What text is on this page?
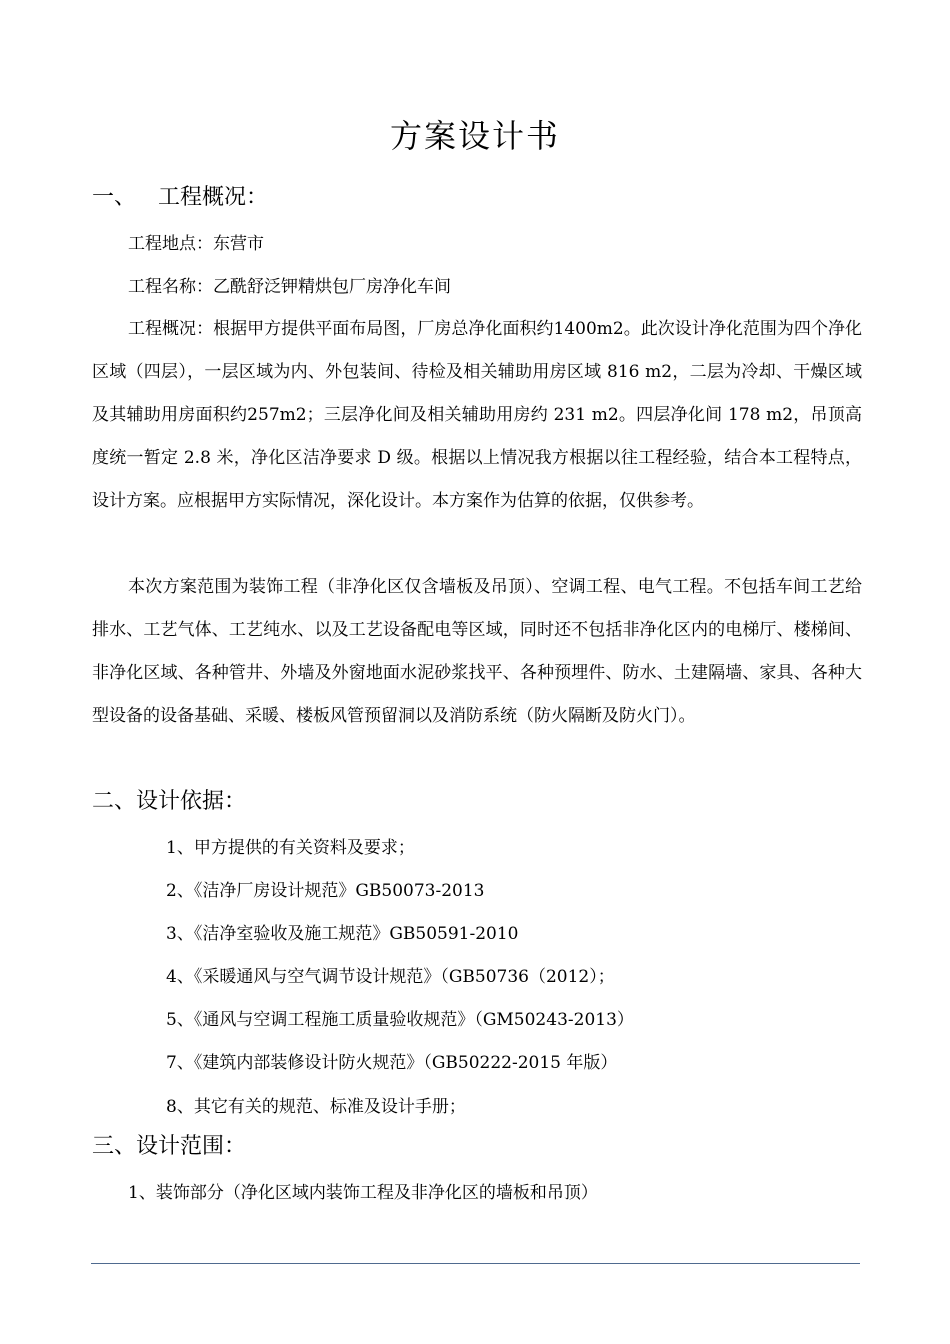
方案设计书
一、 工程概况：
工程地点：东营市
工程名称：乙酰舒泛钾精烘包厂房净化车间
工程概况：根据甲方提供平面布局图，厂房总净化面积约1400m2。此次设计净化范围为四个净化区域（四层），一层区域为内、外包装间、待检及相关辅助用房区域 816 m2，二层为冷却、干燥区域及其辅助用房面积约257m2；三层净化间及相关辅助用房约 231 m2。四层净化间 178 m2，吊顶高度统一暂定 2.8 米，净化区洁净要求 D 级。根据以上情况我方根据以往工程经验，结合本工程特点，设计方案。应根据甲方实际情况，深化设计。本方案作为估算的依据，仅供参考。
本次方案范围为装饰工程（非净化区仅含墙板及吊顶）、空调工程、电气工程。不包括车间工艺给排水、工艺气体、工艺纯水、以及工艺设备配电等区域，同时还不包括非净化区内的电梯厅、楼梯间、非净化区域、各种管井、外墙及外窗地面水泥砂浆找平、各种预埋件、防水、土建隔墙、家具、各种大型设备的设备基础、采暖、楼板风管预留洞以及消防系统（防火隔断及防火门）。
二、设计依据：
1、甲方提供的有关资料及要求；
2、《洁净厂房设计规范》GB50073-2013
3、《洁净室验收及施工规范》GB50591-2010
4、《采暖通风与空气调节设计规范》（GB50736（2012）；
5、《通风与空调工程施工质量验收规范》（GM50243-2013）
7、《建筑内部装修设计防火规范》（GB50222-2015 年版）
8、其它有关的规范、标准及设计手册；
三、设计范围：
1、装饰部分（净化区域内装饰工程及非净化区的墙板和吊顶）
